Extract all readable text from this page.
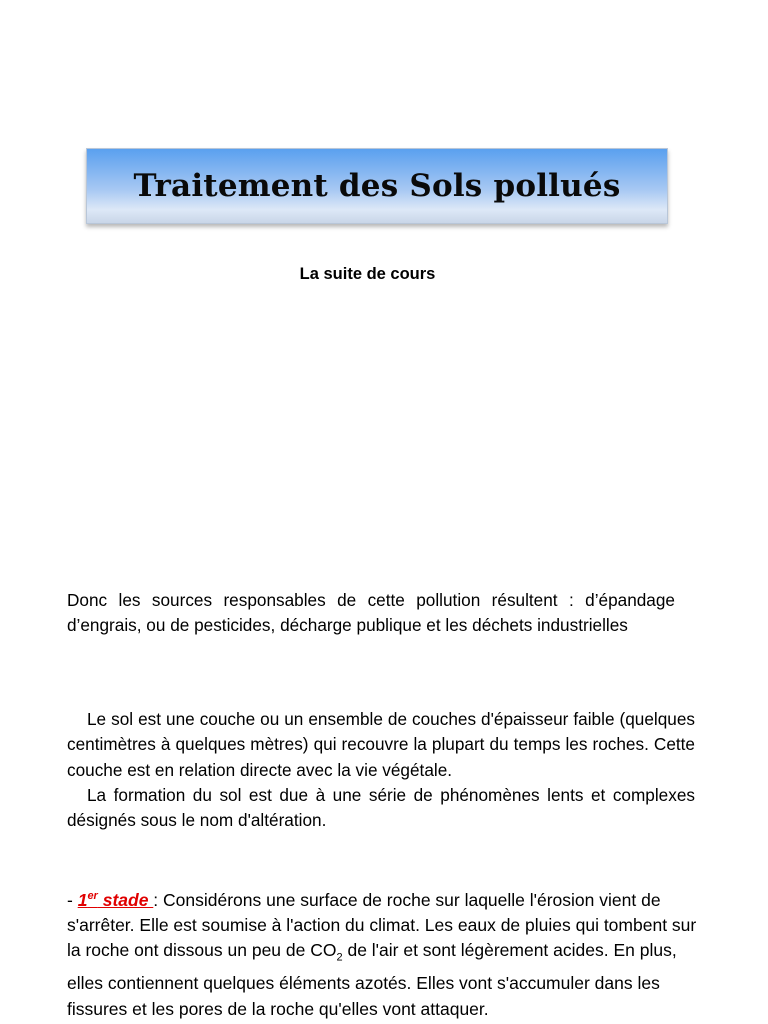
Traitement des Sols pollués
La suite de cours

Donc les sources responsables de cette pollution résultent : d’épandage d’engrais, ou de pesticides, décharge publique et les déchets industrielles

Le sol est une couche ou un ensemble de couches d'épaisseur faible (quelques centimètres à quelques mètres) qui recouvre la plupart du temps les roches. Cette couche est en relation directe avec la vie végétale.
La formation du sol est due à une série de phénomènes lents et complexes désignés sous le nom d'altération.

- 1er stade : Considérons une surface de roche sur laquelle l'érosion vient de s'arrêter. Elle est soumise à l'action du climat. Les eaux de pluies qui tombent sur la roche ont dissous un peu de $CO_2$ de l'air et sont légèrement acides. En plus, elles contiennent quelques éléments azotés. Elles vont s'accumuler dans les fissures et les pores de la roche qu'elles vont attaquer.
